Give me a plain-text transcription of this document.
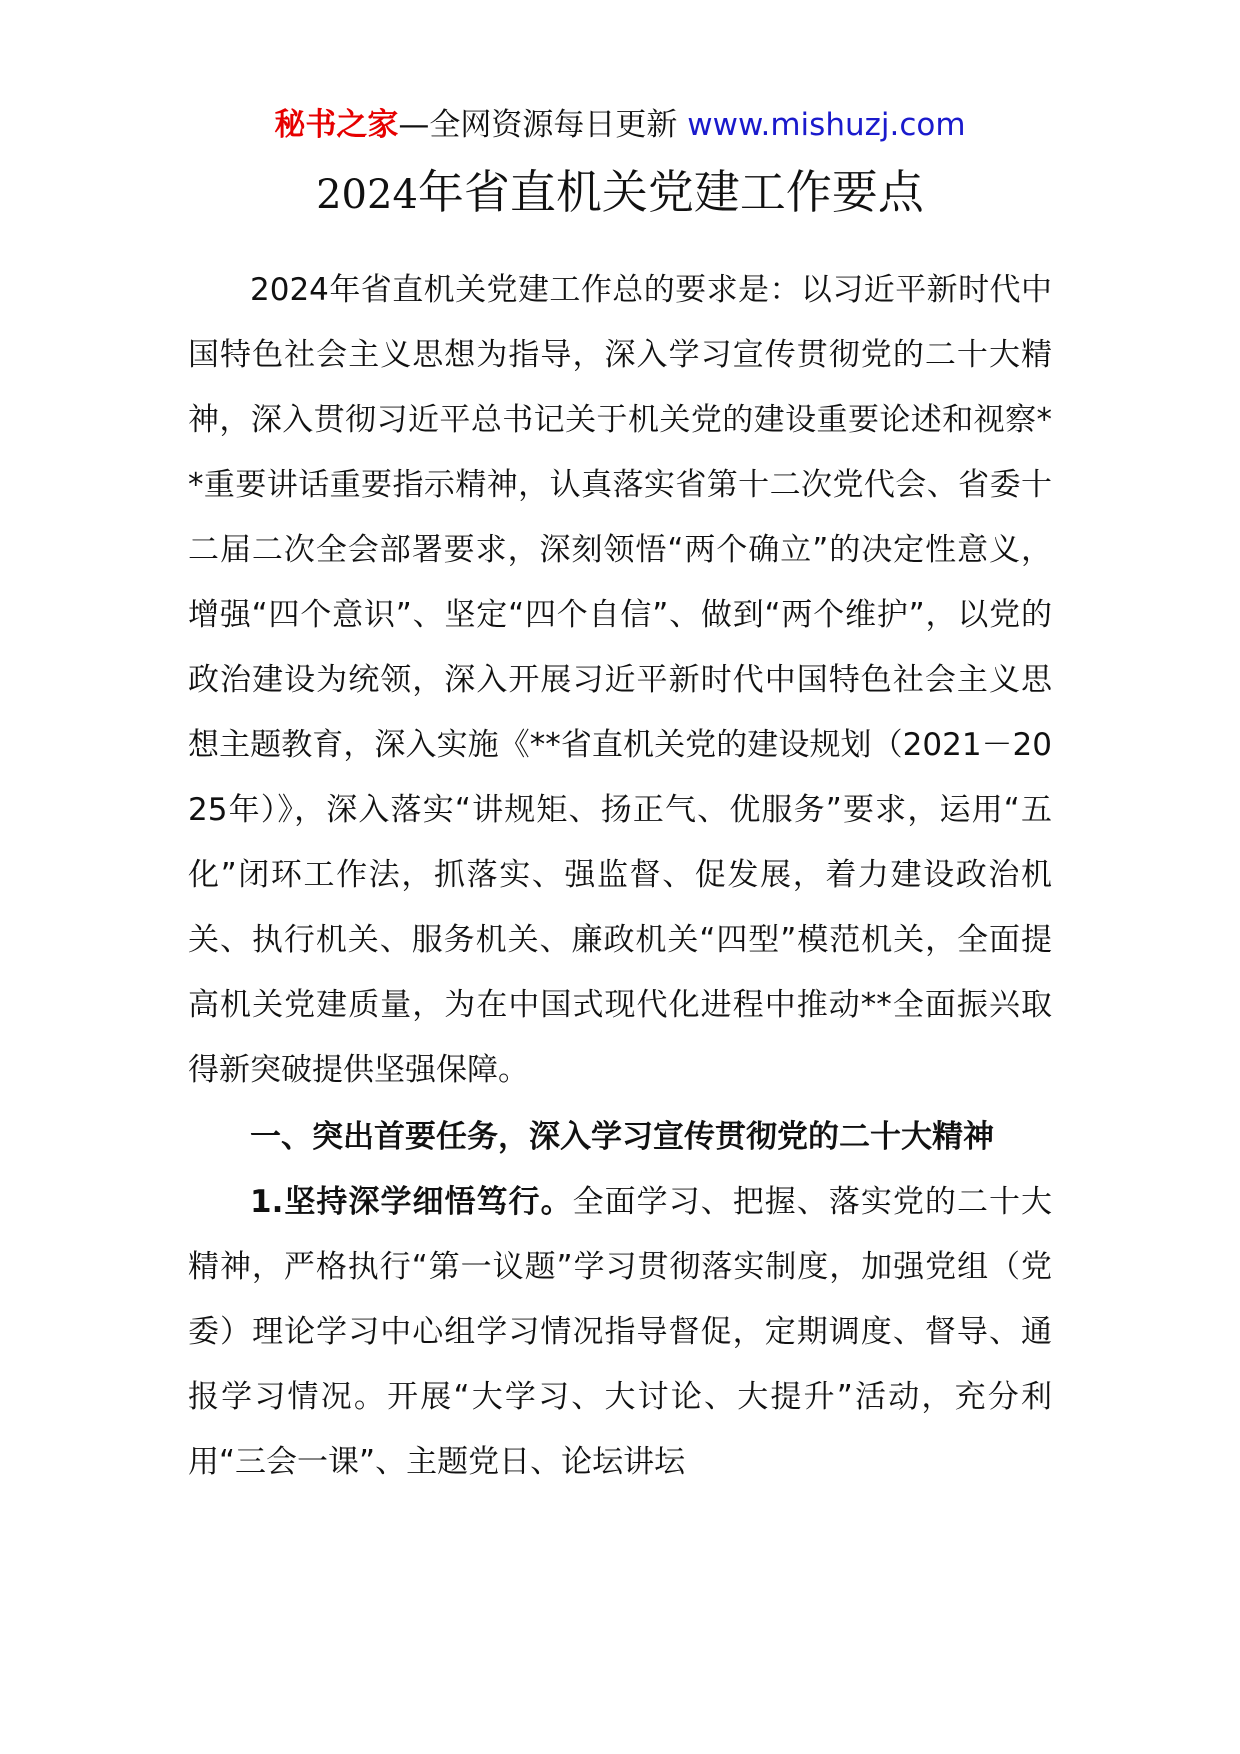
秘书之家—全网资源每日更新 www.mishuzj.com
2024年省直机关党建工作要点

2024年省直机关党建工作总的要求是：以习近平新时代中国特色社会主义思想为指导，深入学习宣传贯彻党的二十大精神，深入贯彻习近平总书记关于机关党的建设重要论述和视察**重要讲话重要指示精神，认真落实省第十二次党代会、省委十二届二次全会部署要求，深刻领悟“两个确立”的决定性意义，增强“四个意识”、坚定“四个自信”、做到“两个维护”，以党的政治建设为统领，深入开展习近平新时代中国特色社会主义思想主题教育，深入实施《**省直机关党的建设规划（2021－2025年）》，深入落实“讲规矩、扬正气、优服务”要求，运用“五化”闭环工作法，抓落实、强监督、促发展，着力建设政治机关、执行机关、服务机关、廉政机关“四型”模范机关，全面提高机关党建质量，为在中国式现代化进程中推动**全面振兴取得新突破提供坚强保障。

一、突出首要任务，深入学习宣传贯彻党的二十大精神

1.坚持深学细悟笃行。全面学习、把握、落实党的二十大精神，严格执行“第一议题”学习贯彻落实制度，加强党组（党委）理论学习中心组学习情况指导督促，定期调度、督导、通报学习情况。开展“大学习、大讨论、大提升”活动，充分利用“三会一课”、主题党日、论坛讲坛
